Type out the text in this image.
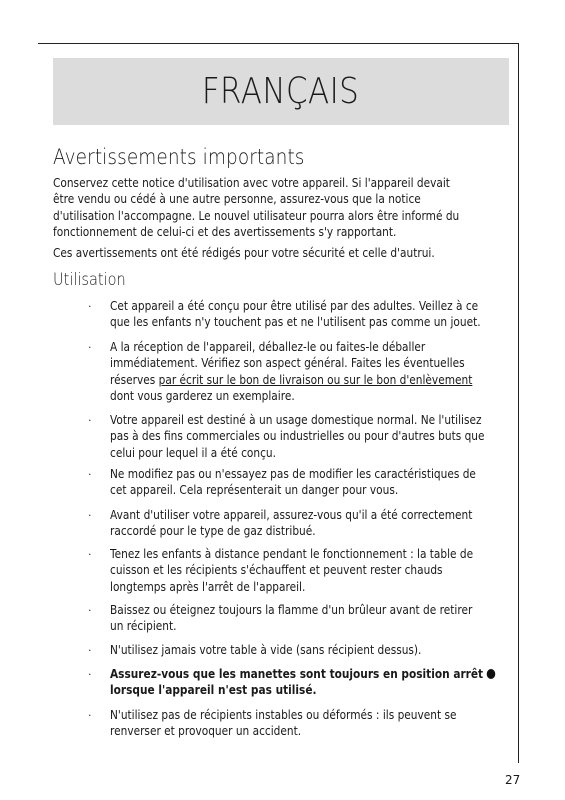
FRANÇAIS
Avertissements importants
Conservez cette notice d'utilisation avec votre appareil. Si l'appareil devait
être vendu ou cédé à une autre personne, assurez-vous que la notice
d'utilisation l'accompagne. Le nouvel utilisateur pourra alors être informé du
fonctionnement de celui-ci et des avertissements s'y rapportant.
Ces avertissements ont été rédigés pour votre sécurité et celle d'autrui.
Utilisation
· Cet appareil a été conçu pour être utilisé par des adultes. Veillez à ce
que les enfants n'y touchent pas et ne l'utilisent pas comme un jouet.
· A la réception de l'appareil, déballez-le ou faites-le déballer
immédiatement. Vérifiez son aspect général. Faites les éventuelles
réserves par écrit sur le bon de livraison ou sur le bon d'enlèvement
dont vous garderez un exemplaire.
· Votre appareil est destiné à un usage domestique normal. Ne l'utilisez
pas à des fins commerciales ou industrielles ou pour d'autres buts que
celui pour lequel il a été conçu.
· Ne modifiez pas ou n'essayez pas de modifier les caractéristiques de
cet appareil. Cela représenterait un danger pour vous.
· Avant d'utiliser votre appareil, assurez-vous qu'il a été correctement
raccordé pour le type de gaz distribué.
· Tenez les enfants à distance pendant le fonctionnement : la table de
cuisson et les récipients s'échauffent et peuvent rester chauds
longtemps après l'arrêt de l'appareil.
· Baissez ou éteignez toujours la flamme d'un brûleur avant de retirer
un récipient.
· N'utilisez jamais votre table à vide (sans récipient dessus).
· Assurez-vous que les manettes sont toujours en position arrêt
lorsque l'appareil n'est pas utilisé.
· N'utilisez pas de récipients instables ou déformés : ils peuvent se
renverser et provoquer un accident.
27
